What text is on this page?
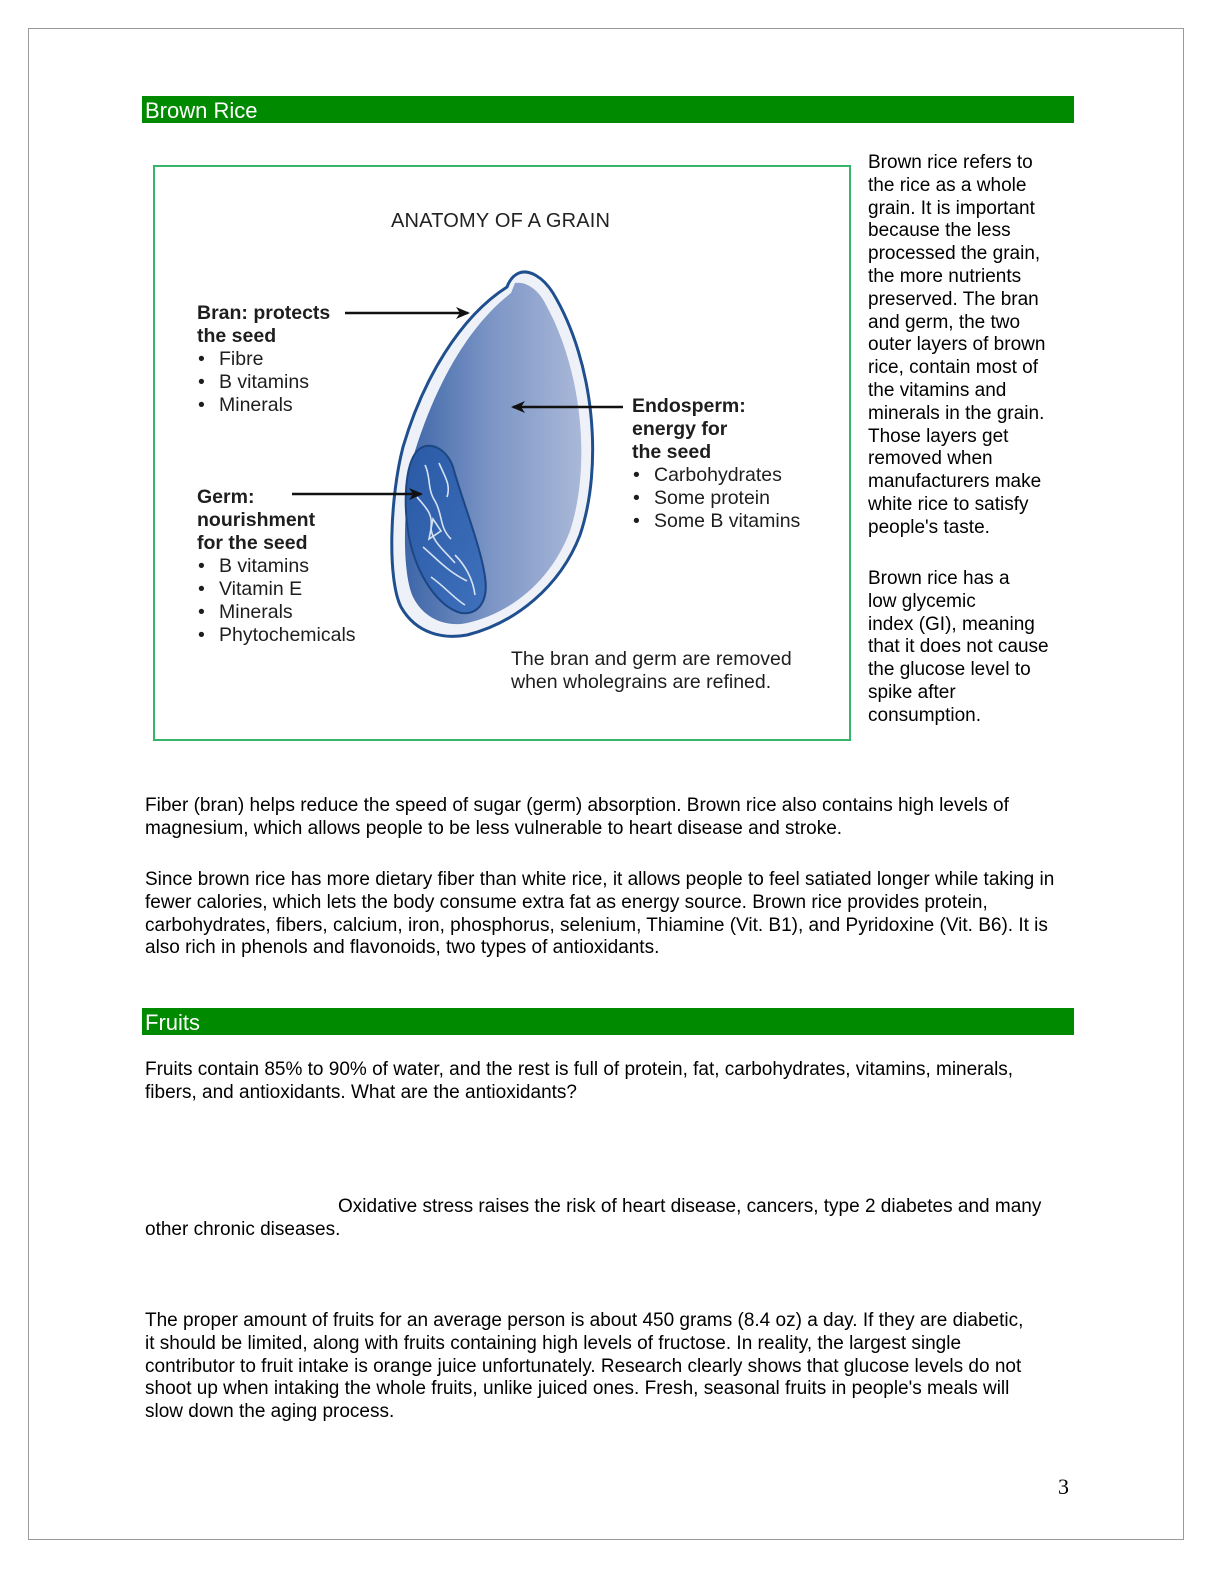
Brown Rice
ANATOMY OF A GRAIN
Bran: protects
the seed
• Fibre
• B vitamins
• Minerals
Germ:
nourishment
for the seed
• B vitamins
• Vitamin E
• Minerals
• Phytochemicals
Endosperm:
energy for
the seed
• Carbohydrates
• Some protein
• Some B vitamins
The bran and germ are removed
when wholegrains are refined.
Brown rice refers to
the rice as a whole
grain. It is important
because the less
processed the grain,
the more nutrients
preserved. The bran
and germ, the two
outer layers of brown
rice, contain most of
the vitamins and
minerals in the grain.
Those layers get
removed when
manufacturers make
white rice to satisfy
people's taste.
Brown rice has a
low glycemic
index (GI), meaning
that it does not cause
the glucose level to
spike after
consumption.
Fiber (bran) helps reduce the speed of sugar (germ) absorption. Brown rice also contains high levels of
magnesium, which allows people to be less vulnerable to heart disease and stroke.
Since brown rice has more dietary fiber than white rice, it allows people to feel satiated longer while taking in
fewer calories, which lets the body consume extra fat as energy source. Brown rice provides protein,
carbohydrates, fibers, calcium, iron, phosphorus, selenium, Thiamine (Vit. B1), and Pyridoxine (Vit. B6). It is
also rich in phenols and flavonoids, two types of antioxidants.
Fruits
Fruits contain 85% to 90% of water, and the rest is full of protein, fat, carbohydrates, vitamins, minerals,
fibers, and antioxidants. What are the antioxidants?
Oxidative stress raises the risk of heart disease, cancers, type 2 diabetes and many
other chronic diseases.
The proper amount of fruits for an average person is about 450 grams (8.4 oz) a day. If they are diabetic,
it should be limited, along with fruits containing high levels of fructose. In reality, the largest single
contributor to fruit intake is orange juice unfortunately. Research clearly shows that glucose levels do not
shoot up when intaking the whole fruits, unlike juiced ones. Fresh, seasonal fruits in people's meals will
slow down the aging process.
3
